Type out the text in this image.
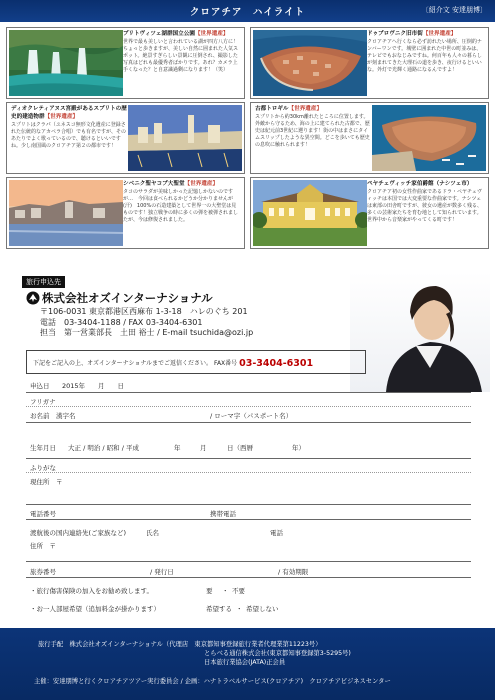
クロアチア　ハイライト	〔紹介文 安達朋博〕
プリトヴィツェ湖群国立公園【世界遺産】
世界で最も美しいと言われている湖が四方八方に！ちょっと歩きますが、美しい自然に囲まれた人気スポット。絶景すぎらしい景観に圧倒され、撮影した写真はどれも最優秀者ばかりです。あれ？カメラ上手くなった？と自意識過剰になります！（笑）
ドゥブロヴニク旧市街【世界遺産】
クロアチアへ行くなら必ず訪れたい場所、圧倒的ナンバーワンです。城壁に囲まれた中世の町並みは、テレビでもおなじみですね。何百年も人々の暮らしが刻まれてきた大理石の道を歩き、夜行けるといいな。外灯で光輝く通路になるんですよ！
ディオクレティアヌス宮殿があるスプリトの歴史的建造物群【世界遺産】
スプリトはクラパ（ユネスコ無形文化遺産に登録された伝統的なアカペラ合唱）でも有名ですが、そのあたりでよく歌っているので、聴けるといいですね。少し南国風のクロアチア第２の都市です！
古都トロギル【世界遺産】
スプリトから約30km離れたところに位置します。外敵から守るため、海の上に建てられた古都で、歴史は紀元前3世紀に遡ります！街の中はまさにタイムスリップしたような異空間。どこを歩いても歴史の息吹に触れられます！
シベニク聖ヤコブ大聖堂【世界遺産】
タコのサラダが美味しかった記憶しかないのですが…　今回は食べられるかどうか分かりませんが(汗)　100%の石造建築として世界一の大聖堂は見ものです！独立戦争の時に多くの弾を被弾されましたが、今は修復されました。
ペヤチェヴィッチ家伯爵館（ナシツェ市）
クロアチア初の女性作曲家であるドラ・ペヤチェヴィッチは本国では大変重要な作曲家です。ナシツェは東部の田舎町ですが、彼女の遺産が数多く残る、多くの芸術家たちを育む地として知られています。世界中から音楽家がやってくる町です！
旅行申込先
株式会社オズインターナショナル
〒106-0031 東京都港区西麻布 1-3-18　ハレのぐち 201
電話　03-3404-1188 / FAX 03-3404-6301
担当　第一営業部長　土田 裕士 / E-mail tsuchida@ozi.jp
下記をご記入の上、オズインターナショナルまでご返信ください。 FAX番号 03-3404-6301
申込日 2015年　　月　　日
フリガナ
お名前　漢字名	/ ローマ字（パスポート名）
生年月日 大正 / 明治 / 昭和 / 平成	年	月	日（西暦	年）
ふりがな
現住所　〒
電話番号	携帯電話
渡航後の国内連絡先(ご家族など)	氏名	電話
住所　〒
旅券番号	/ 発行日	/ 有効期限
・旅行傷害保険の加入をお勧め致します。	要 ・ 不要
・お一人部屋希望（追加料金が掛かります）	希望する ・ 希望しない
旅行手配　株式会社オズインターナショナル（代理店　東京都知事登録旅行業者代理業第11223号）
とらべる通信株式会社(東京都知事登録第3-5295号)
日本旅行業協会(JATA)正会員
主催：安達朋博と行くクロアチアツアー実行委員会 / 企画：ハナトラベルサービス(クロアチア)　クロアチアビジネスセンター
